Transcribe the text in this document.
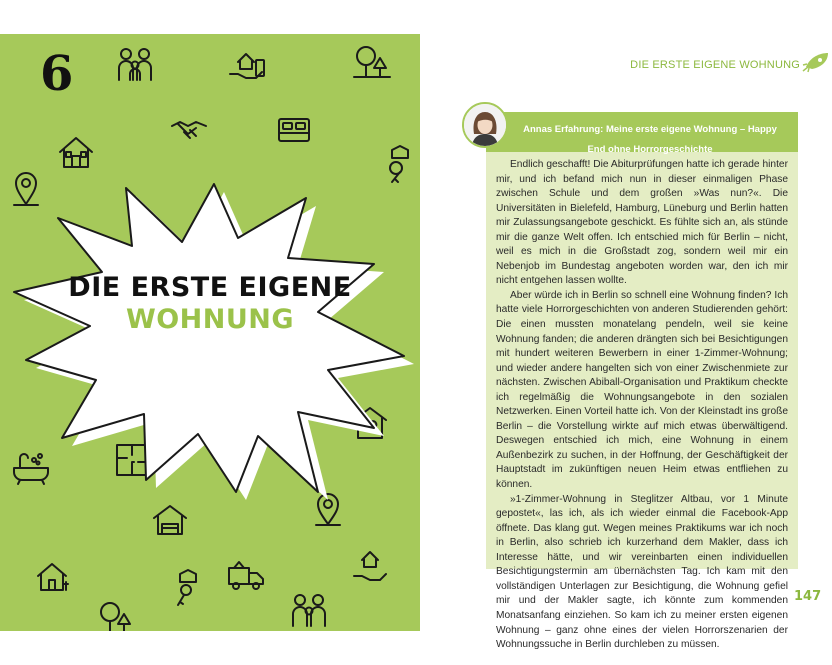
6
DIE ERSTE EIGENE
WOHNUNG
DIE ERSTE EIGENE WOHNUNG
Annas Erfahrung: Meine erste eigene Wohnung – Happy End ohne Horrorgeschichte

Endlich geschafft! Die Abiturprüfungen hatte ich gerade hinter mir, und ich befand mich nun in dieser einmaligen Phase zwischen Schule und dem großen »Was nun?«. Die Universitäten in Bielefeld, Hamburg, Lüneburg und Berlin hatten mir Zulassungsangebote geschickt. Es fühlte sich an, als stünde mir die ganze Welt offen. Ich entschied mich für Berlin – nicht, weil es mich in die Großstadt zog, sondern weil mir ein Nebenjob im Bundestag angeboten worden war, den ich mir nicht entgehen lassen wollte.

Aber würde ich in Berlin so schnell eine Wohnung finden? Ich hatte viele Horrorgeschichten von anderen Studierenden gehört: Die einen mussten monatelang pendeln, weil sie keine Wohnung fanden; die anderen drängten sich bei Besichtigungen mit hundert weiteren Bewerbern in einer 1-Zimmer-Wohnung; und wieder andere hangelten sich von einer Zwischenmiete zur nächsten. Zwischen Abiball-Organisation und Praktikum checkte ich regelmäßig die Wohnungsangebote in den sozialen Netzwerken. Einen Vorteil hatte ich. Von der Kleinstadt ins große Berlin – die Vorstellung wirkte auf mich etwas überwältigend. Deswegen entschied ich mich, eine Wohnung in einem Außenbezirk zu suchen, in der Hoffnung, der Geschäftigkeit der Hauptstadt im zukünftigen neuen Heim etwas entfliehen zu können.

»1-Zimmer-Wohnung in Steglitzer Altbau, vor 1 Minute gepostet«, las ich, als ich wieder einmal die Facebook-App öffnete. Das klang gut. Wegen meines Praktikums war ich noch in Berlin, also schrieb ich kurzerhand dem Makler, dass ich Interesse hätte, und wir vereinbarten einen individuellen Besichtigungstermin am übernächsten Tag. Ich kam mit den vollständigen Unterlagen zur Besichtigung, die Wohnung gefiel mir und der Makler sagte, ich könnte zum kommenden Monatsanfang einziehen. So kam ich zu meiner ersten eigenen Wohnung – ganz ohne eines der vielen Horrorszenarien der Wohnungssuche in Berlin durchleben zu müssen.

147
